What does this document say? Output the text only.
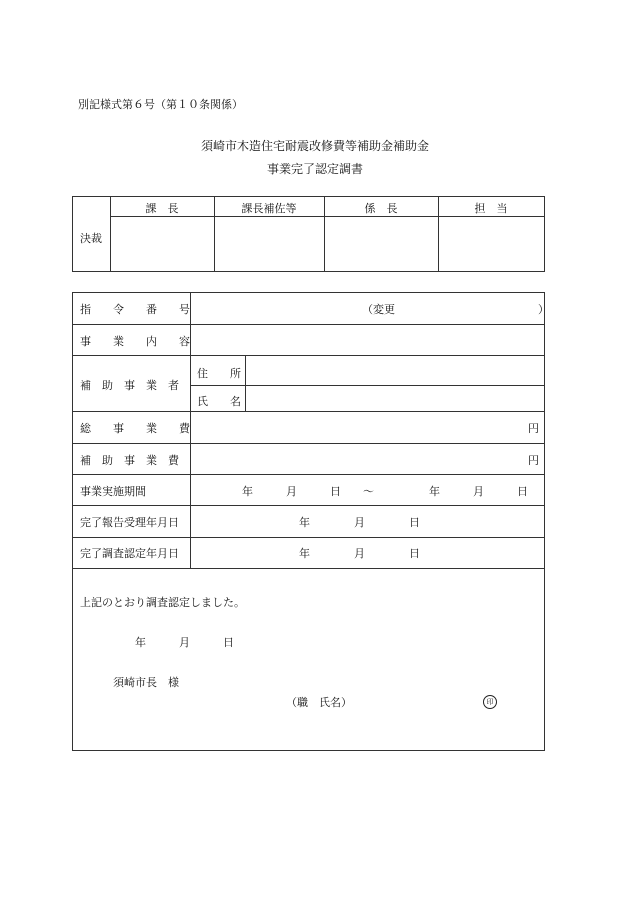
別記様式第６号（第１０条関係）
須崎市木造住宅耐震改修費等補助金補助金
事業完了認定調書
決裁
課　長	課長補佐等	係　長	担　当
指　　令　　番　　号	（変更　　　　　　　　　　　　　）
事　　業　　内　　容
補　助　事　業　者
住　　所
氏　　名
総　　事　　業　　費	円
補　助　事　業　費	円
事業実施期間	年　　　月　　　日　　～　　　　　年　　　月　　　日
完了報告受理年月日	年　　　　月　　　　日
完了調査認定年月日	年　　　　月　　　　日
上記のとおり調査認定しました。
年　　　月　　　日
須崎市長　様
（職　氏名）	印
